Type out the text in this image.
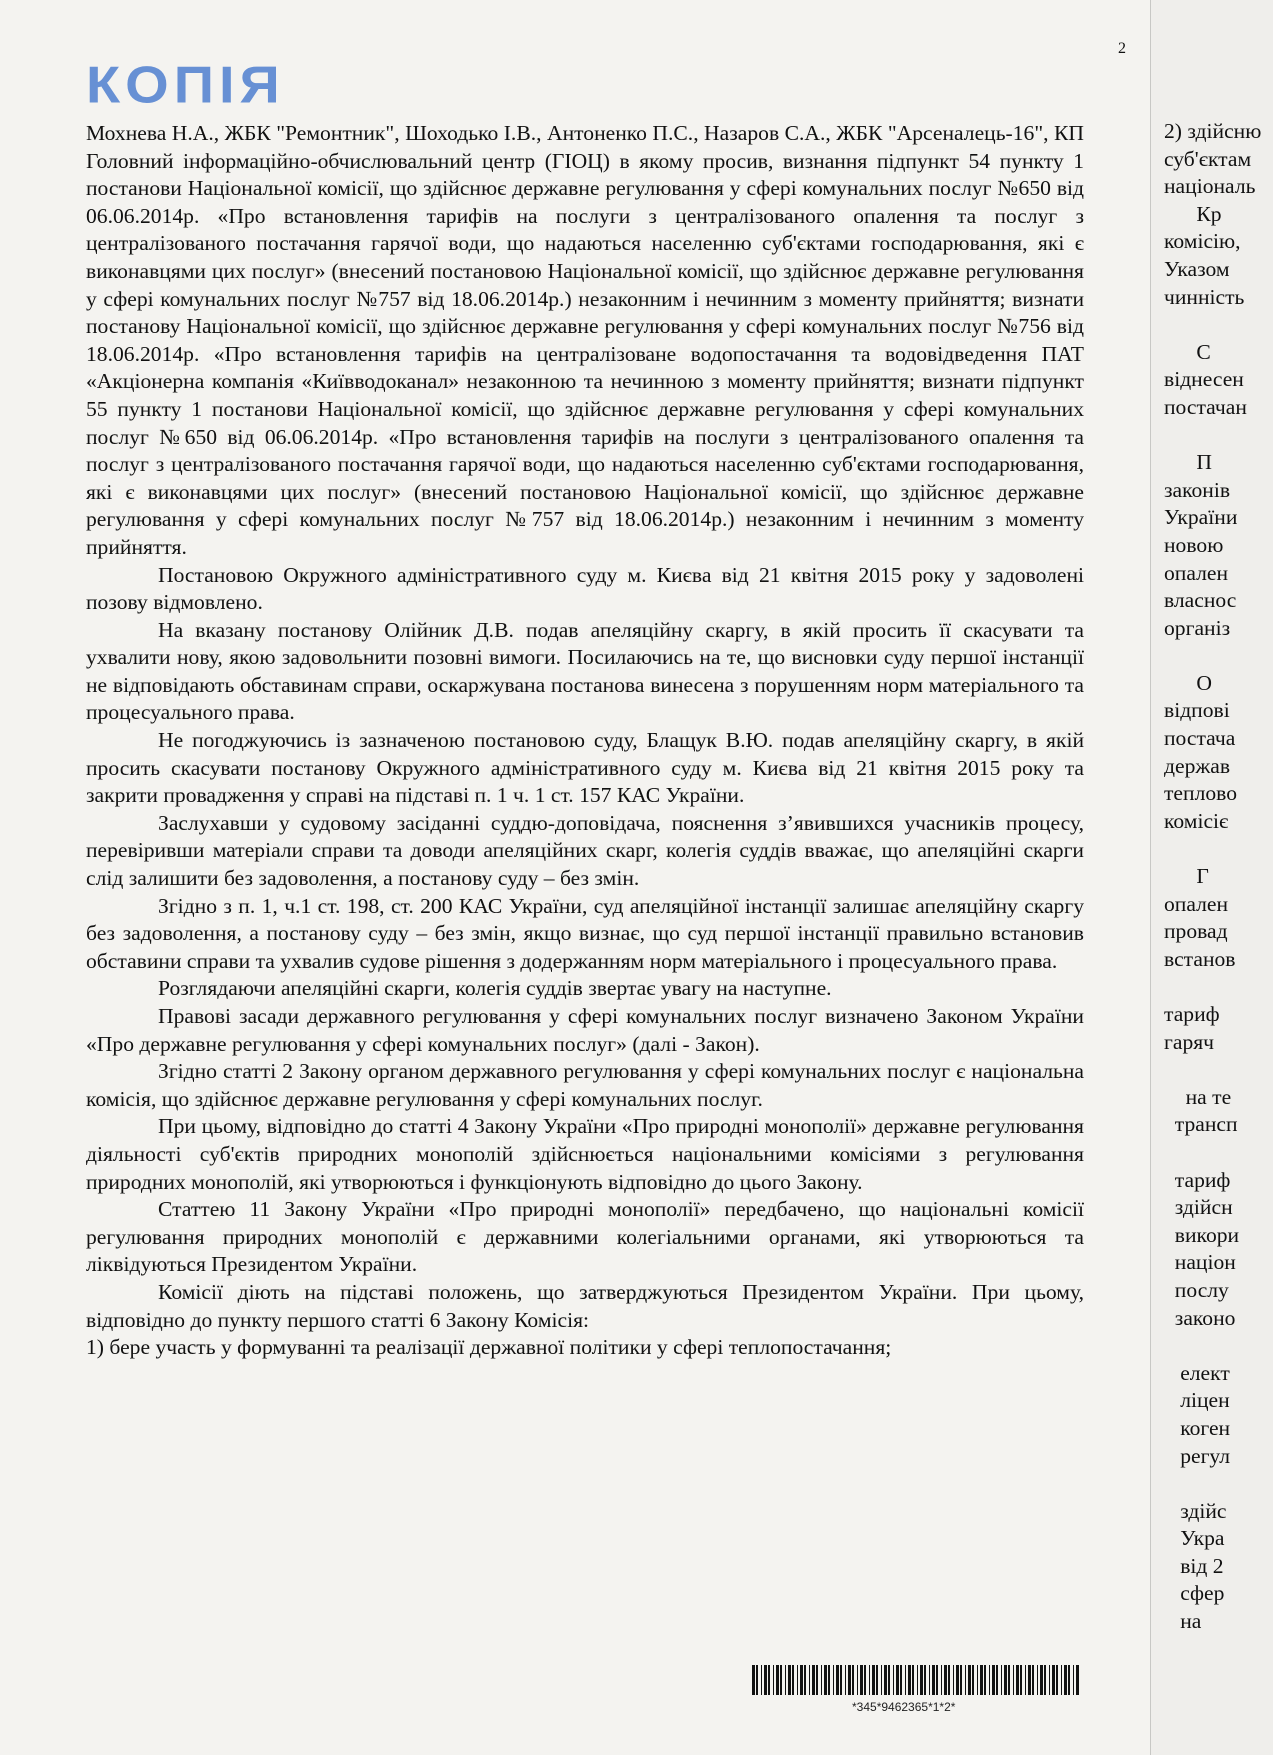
КОПІЯ
2

Мохнева Н.А., ЖБК "Ремонтник", Шоходько І.В., Антоненко П.С., Назаров С.А., ЖБК "Арсеналець-16", КП Головний інформаційно-обчислювальний центр (ГІОЦ) в якому просив, визнання підпункт 54 пункту 1 постанови Національної комісії, що здійснює державне регулювання у сфері комунальних послуг №650 від 06.06.2014р. «Про встановлення тарифів на послуги з централізованого опалення та послуг з централізованого постачання гарячої води, що надаються населенню суб'єктами господарювання, які є виконавцями цих послуг» (внесений постановою Національної комісії, що здійснює державне регулювання у сфері комунальних послуг №757 від 18.06.2014р.) незаконним і нечинним з моменту прийняття; визнати постанову Національної комісії, що здійснює державне регулювання у сфері комунальних послуг №756 від 18.06.2014р. «Про встановлення тарифів на централізоване водопостачання та водовідведення ПАТ «Акціонерна компанія «Київводоканал» незаконною та нечинною з моменту прийняття; визнати підпункт 55 пункту 1 постанови Національної комісії, що здійснює державне регулювання у сфері комунальних послуг №650 від 06.06.2014р. «Про встановлення тарифів на послуги з централізованого опалення та послуг з централізованого постачання гарячої води, що надаються населенню суб'єктами господарювання, які є виконавцями цих послуг» (внесений постановою Національної комісії, що здійснює державне регулювання у сфері комунальних послуг №757 від 18.06.2014р.) незаконним і нечинним з моменту прийняття.

Постановою Окружного адміністративного суду м. Києва від 21 квітня 2015 року у задоволені позову відмовлено.

На вказану постанову Олійник Д.В. подав апеляційну скаргу, в якій просить її скасувати та ухвалити нову, якою задовольнити позовні вимоги. Посилаючись на те, що висновки суду першої інстанції не відповідають обставинам справи, оскаржувана постанова винесена з порушенням норм матеріального та процесуального права.

Не погоджуючись із зазначеною постановою суду, Блащук В.Ю. подав апеляційну скаргу, в якій просить скасувати постанову Окружного адміністративного суду м. Києва від 21 квітня 2015 року та закрити провадження у справі на підставі п. 1 ч. 1 ст. 157 КАС України.

Заслухавши у судовому засіданні суддю-доповідача, пояснення з’явившихся учасників процесу, перевіривши матеріали справи та доводи апеляційних скарг, колегія суддів вважає, що апеляційні скарги слід залишити без задоволення, а постанову суду – без змін.

Згідно з п. 1, ч.1 ст. 198, ст. 200 КАС України, суд апеляційної інстанції залишає апеляційну скаргу без задоволення, а постанову суду – без змін, якщо визнає, що суд першої інстанції правильно встановив обставини справи та ухвалив судове рішення з додержанням норм матеріального і процесуального права.

Розглядаючи апеляційні скарги, колегія суддів звертає увагу на наступне.

Правові засади державного регулювання у сфері комунальних послуг визначено Законом України «Про державне регулювання у сфері комунальних послуг» (далі - Закон).

Згідно статті 2 Закону органом державного регулювання у сфері комунальних послуг є національна комісія, що здійснює державне регулювання у сфері комунальних послуг.

При цьому, відповідно до статті 4 Закону України «Про природні монополії» державне регулювання діяльності суб'єктів природних монополій здійснюється національними комісіями з регулювання природних монополій, які утворюються і функціонують відповідно до цього Закону.

Статтею 11 Закону України «Про природні монополії» передбачено, що національні комісії регулювання природних монополій є державними колегіальними органами, які утворюються та ліквідуються Президентом України.

Комісії діють на підставі положень, що затверджуються Президентом України. При цьому, відповідно до пункту першого статті 6 Закону Комісія:

1) бере участь у формуванні та реалізації державної політики у сфері теплопостачання;

*345*9462365*1*2*
2) здійсню
суб'єктам
національ
Кр
комісію,
Указом
чинність
С
віднесен
постачан
П
законів
України
новою
опален
власнос
організ
О
відпові
постача
держав
теплово
комісіє
Г
опален
провад
встанов
тариф
гаряч
на те
трансп
тариф
здійсн
викори
націон
послу
законо
елект
ліцен
коген
регул
здійс
Укра
від 2
сфер
на
